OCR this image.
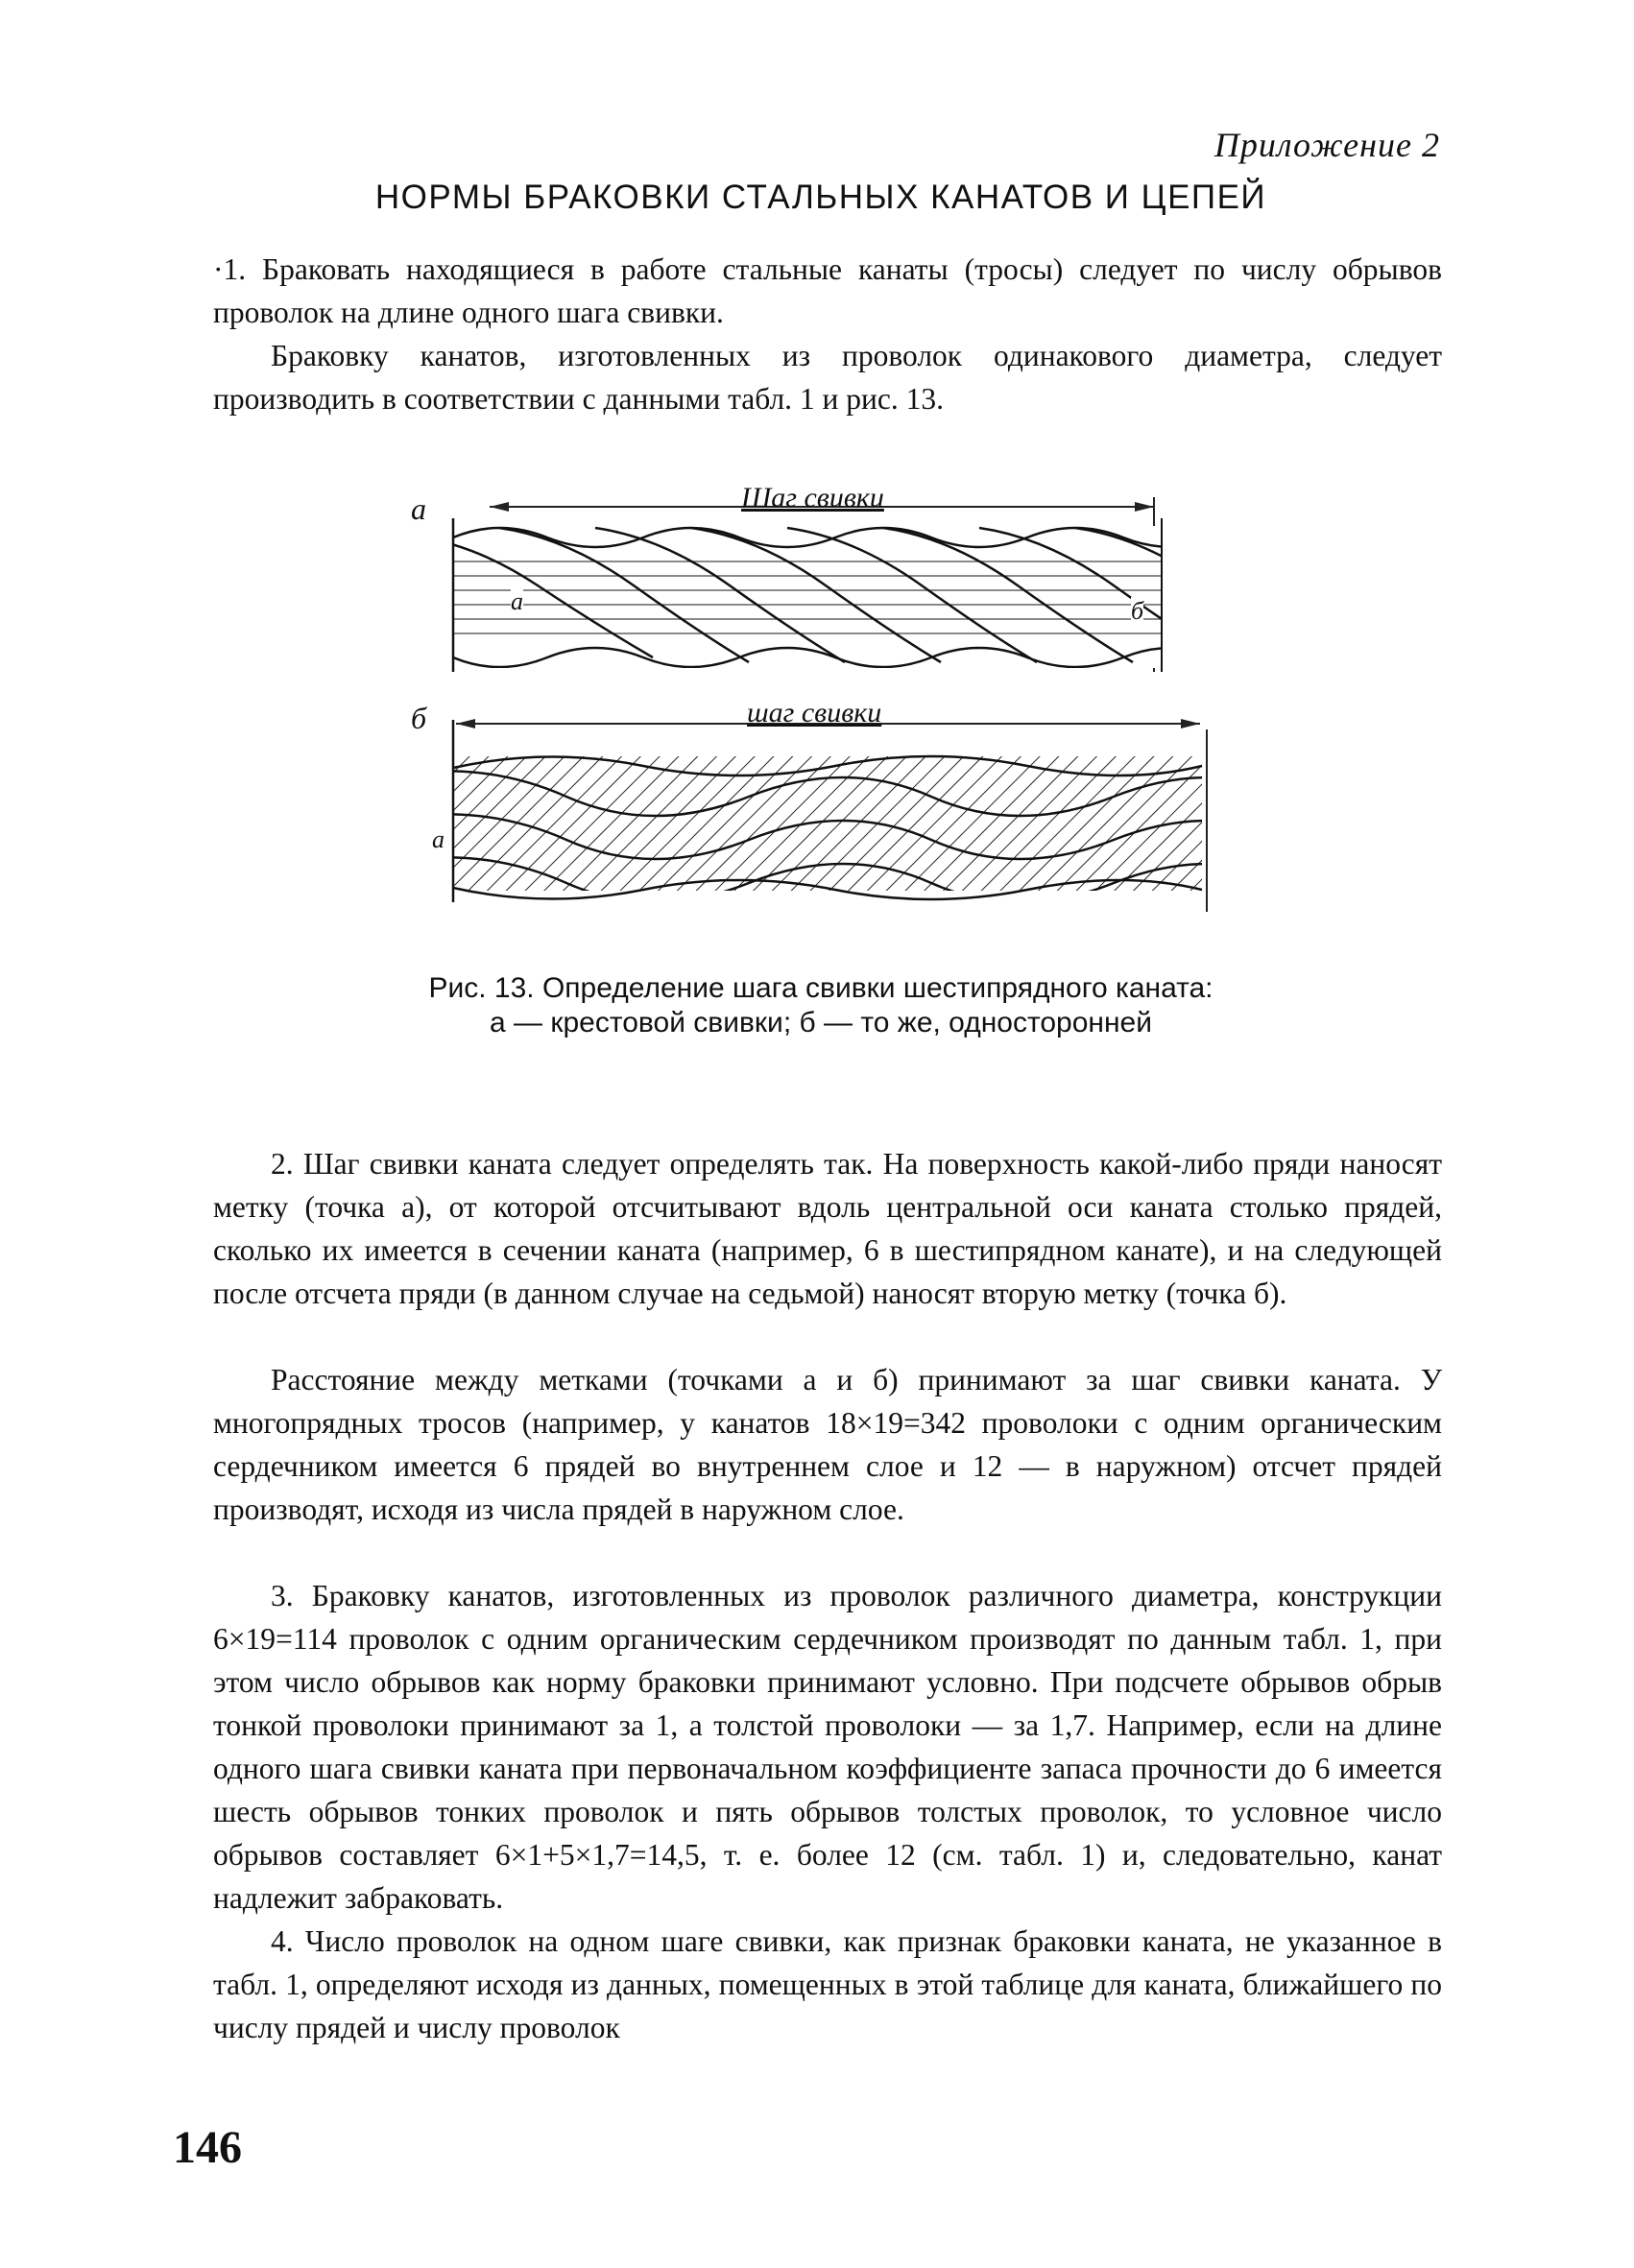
Приложение 2
НОРМЫ БРАКОВКИ СТАЛЬНЫХ КАНАТОВ И ЦЕПЕЙ

·1. Браковать находящиеся в работе стальные канаты (тросы) следует по числу обрывов проволок на длине одного шага свивки.

Браковку канатов, изготовленных из проволок одинакового диаметра, следует производить в соответствии с данными табл. 1 и рис. 13.

а
б
Шаг свивки
шаг свивки
а	б
а
Рис. 13. Определение шага свивки шестипрядного каната: а — крестовой свивки; б — то же, односторонней

2. Шаг свивки каната следует определять так. На поверхность какой-либо пряди наносят метку (точка а), от которой отсчитывают вдоль центральной оси каната столько прядей, сколько их имеется в сечении каната (например, 6 в шестипрядном канате), и на следующей после отсчета пряди (в данном случае на седьмой) наносят вторую метку (точка б).

Расстояние между метками (точками а и б) принимают за шаг свивки каната. У многопрядных тросов (например, у канатов 18×19=342 проволоки с одним органическим сердечником имеется 6 прядей во внутреннем слое и 12 — в наружном) отсчет прядей производят, исходя из числа прядей в наружном слое.

3. Браковку канатов, изготовленных из проволок различного диаметра, конструкции 6×19=114 проволок с одним органическим сердечником производят по данным табл. 1, при этом число обрывов как норму браковки принимают условно. При подсчете обрывов обрыв тонкой проволоки принимают за 1, а толстой проволоки — за 1,7. Например, если на длине одного шага свивки каната при первоначальном коэффициенте запаса прочности до 6 имеется шесть обрывов тонких проволок и пять обрывов толстых проволок, то условное число обрывов составляет 6×1+5×1,7=14,5, т. е. более 12 (см. табл. 1) и, следовательно, канат надлежит забраковать.

4. Число проволок на одном шаге свивки, как признак браковки каната, не указанное в табл. 1, определяют исходя из данных, помещенных в этой таблице для каната, ближайшего по числу прядей и числу проволок

146
